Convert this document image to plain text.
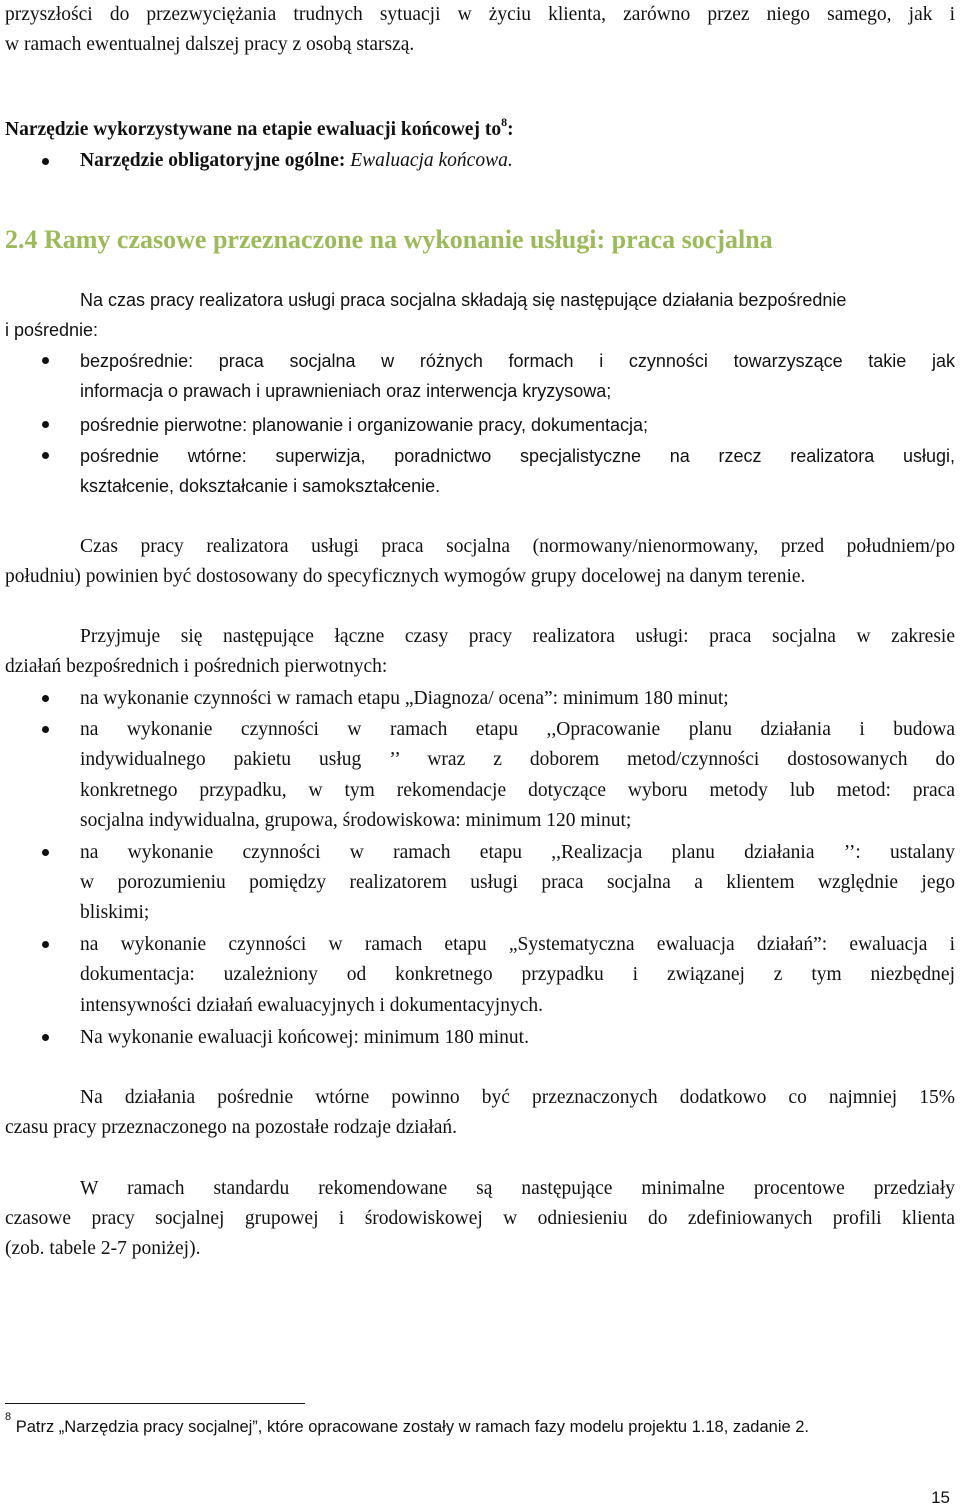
przyszłości do przezwyciężania trudnych sytuacji w życiu klienta, zarówno przez niego samego, jak i
w ramach ewentualnej dalszej pracy z osobą starszą.
Narzędzie wykorzystywane na etapie ewaluacji końcowej $to^8$:
Narzędzie obligatoryjne ogólne: Ewaluacja końcowa.
2.4 Ramy czasowe przeznaczone na wykonanie usługi: praca socjalna
Na czas pracy realizatora usługi praca socjalna składają się następujące działania bezpośrednie
i pośrednie:
bezpośrednie: praca socjalna w różnych formach i czynności towarzyszące takie jak
informacja o prawach i uprawnieniach oraz interwencja kryzysowa;
pośrednie pierwotne: planowanie i organizowanie pracy, dokumentacja;
pośrednie wtórne: superwizja, poradnictwo specjalistyczne na rzecz realizatora usługi,
kształcenie, dokształcanie i samokształcenie.
Czas pracy realizatora usługi praca socjalna (normowany/nienormowany, przed południem/po
południu) powinien być dostosowany do specyficznych wymogów grupy docelowej na danym terenie.
Przyjmuje się następujące łączne czasy pracy realizatora usługi: praca socjalna w zakresie
działań bezpośrednich i pośrednich pierwotnych:
na wykonanie czynności w ramach etapu „Diagnoza/ ocena”: minimum 180 minut;
na wykonanie czynności w ramach etapu ,,Opracowanie planu działania i budowa
indywidualnego pakietu usług ’’ wraz z doborem metod/czynności dostosowanych do
konkretnego przypadku, w tym rekomendacje dotyczące wyboru metody lub metod: praca
socjalna indywidualna, grupowa, środowiskowa: minimum 120 minut;
na wykonanie czynności w ramach etapu ,,Realizacja planu działania ’’: ustalany
w porozumieniu pomiędzy realizatorem usługi praca socjalna a klientem względnie jego
bliskimi;
na wykonanie czynności w ramach etapu „Systematyczna ewaluacja działań”: ewaluacja i
dokumentacja: uzależniony od konkretnego przypadku i związanej z tym niezbędnej
intensywności działań ewaluacyjnych i dokumentacyjnych.
Na wykonanie ewaluacji końcowej: minimum 180 minut.
Na działania pośrednie wtórne powinno być przeznaczonych dodatkowo co najmniej 15%
czasu pracy przeznaczonego na pozostałe rodzaje działań.
W ramach standardu rekomendowane są następujące minimalne procentowe przedziały
czasowe pracy socjalnej grupowej i środowiskowej w odniesieniu do zdefiniowanych profili klienta
(zob. tabele 2-7 poniżej).
$^8$ Patrz „Narzędzia pracy socjalnej”, które opracowane zostały w ramach fazy modelu projektu 1.18, zadanie 2.
15
